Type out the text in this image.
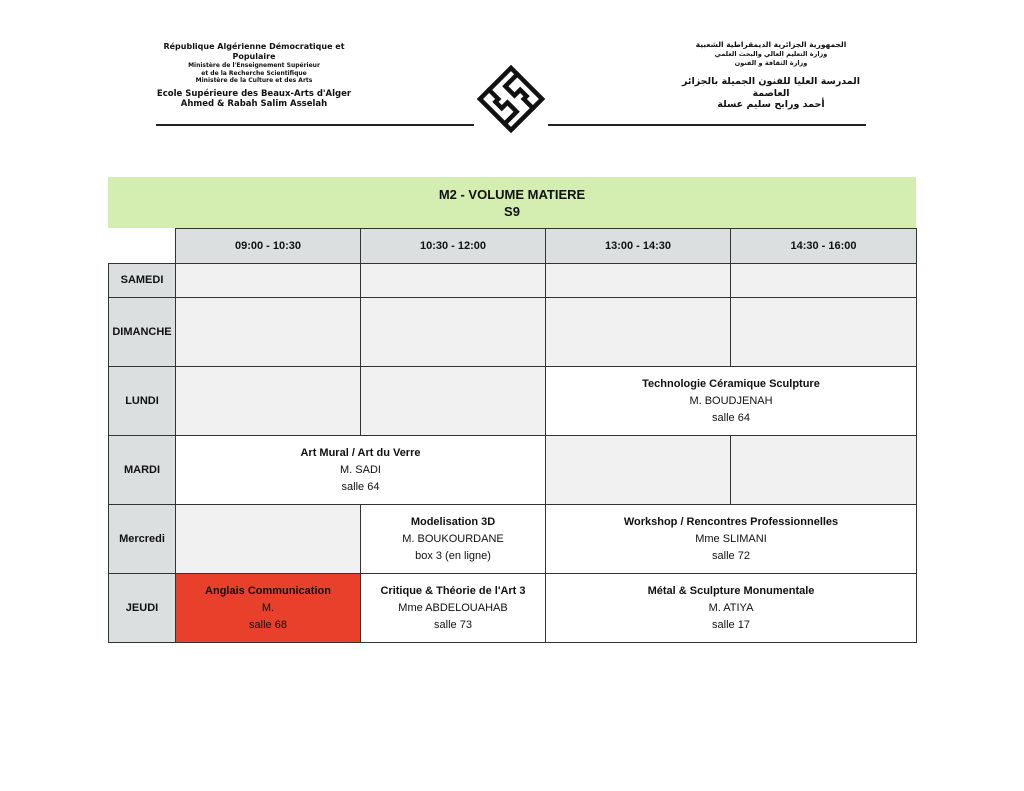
République Algérienne Démocratique et Populaire
Ministère de l'Enseignement Supérieur
et de la Recherche Scientifique
Ministère de la Culture et des Arts
Ecole Supérieure des Beaux-Arts d'Alger
Ahmed & Rabah Salim Asselah
الجمهورية الجزائرية الديمقراطية الشعبية
وزارة التعليم العالي والبحث العلمي
وزارة الثقافة و الفنون
المدرسة العليا للفنون الجميلة بالجزائر العاصمة
أحمد ورابح سليم عسلة
M2 - VOLUME MATIERE
S9
	09:00 - 10:30	10:30 - 12:00	13:00 - 14:30	14:30 - 16:00
SAMEDI				
DIMANCHE				
LUNDI			Technologie Céramique Sculpture
M. BOUDJENAH
salle 64	

MARDI	Art Mural / Art du Verre
M. SADI
salle 64			

Mercredi		Modelisation 3D
M. BOUKOURDANE
box 3 (en ligne)	Workshop / Rencontres Professionnelles
Mme SLIMANI
salle 72	

JEUDI	Anglais Communication
M.
salle 68	Critique & Théorie de l'Art 3
Mme ABDELOUAHAB
salle 73	Métal & Sculpture Monumentale
M. ATIYA
salle 17	
